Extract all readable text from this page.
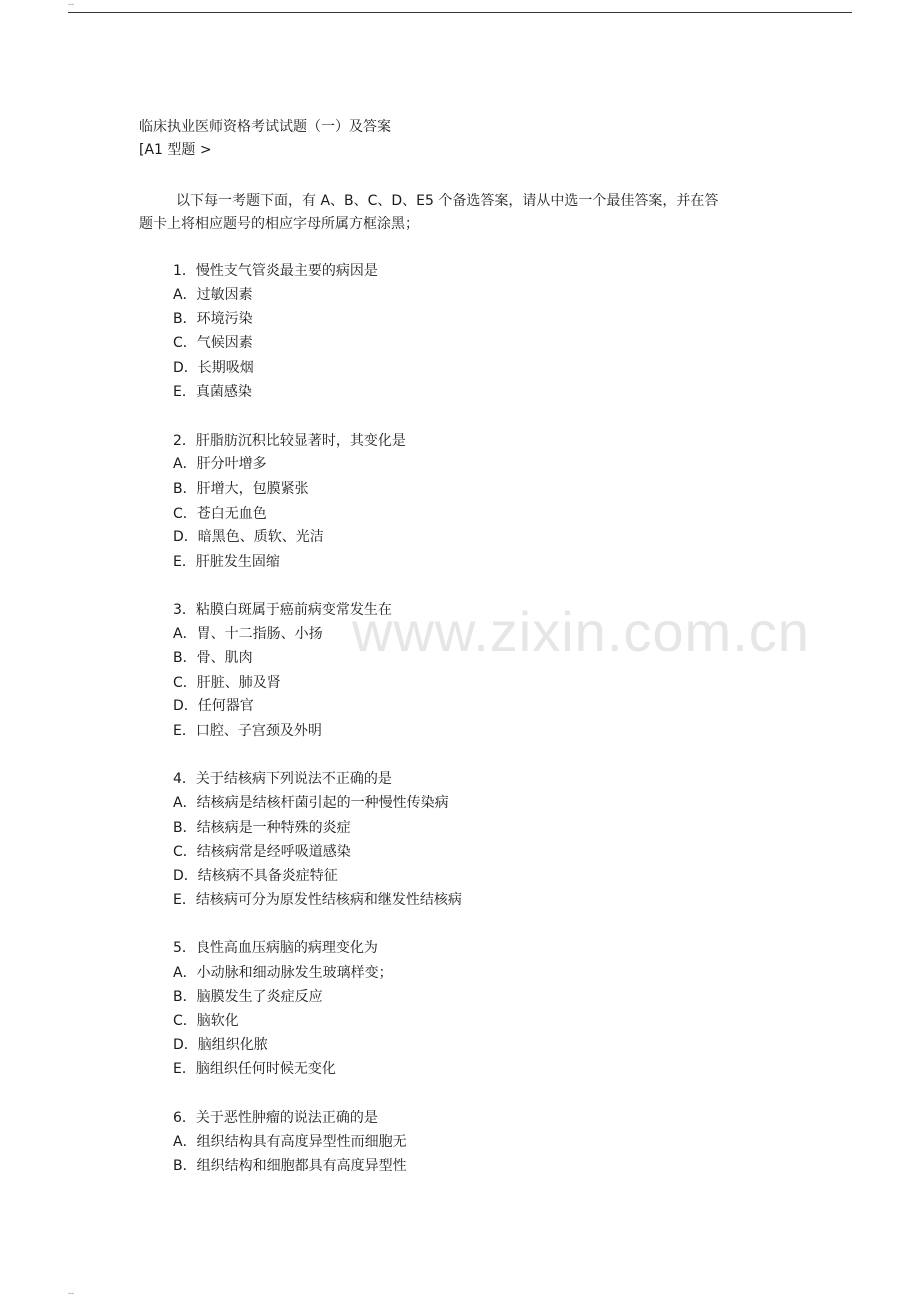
--
--
www.zixin.com.cn
临床执业医师资格考试试题（一）及答案
[A1 型题 >
以下每一考题下面，有 A、B、C、D、E5 个备选答案，请从中选一个最佳答案，并在答
题卡上将相应题号的相应字母所属方框涂黑；
1．慢性支气管炎最主要的病因是
A．过敏因素
B．环境污染
C．气候因素
D．长期吸烟
E．真菌感染
2．肝脂肪沉积比较显著时，其变化是
A．肝分叶增多
B．肝增大，包膜紧张
C．苍白无血色
D．暗黑色、质软、光洁
E．肝脏发生固缩
3．粘膜白斑属于癌前病变常发生在
A．胃、十二指肠、小扬
B．骨、肌肉
C．肝脏、肺及肾
D．任何器官
E．口腔、子宫颈及外明
4．关于结核病下列说法不正确的是
A．结核病是结核杆菌引起的一种慢性传染病
B．结核病是一种特殊的炎症
C．结核病常是经呼吸道感染
D．结核病不具备炎症特征
E．结核病可分为原发性结核病和继发性结核病
5．良性高血压病脑的病理变化为
A．小动脉和细动脉发生玻璃样变；
B．脑膜发生了炎症反应
C．脑软化
D．脑组织化脓
E．脑组织任何时候无变化
6．关于恶性肿瘤的说法正确的是
A．组织结构具有高度异型性而细胞无
B．组织结构和细胞都具有高度异型性
